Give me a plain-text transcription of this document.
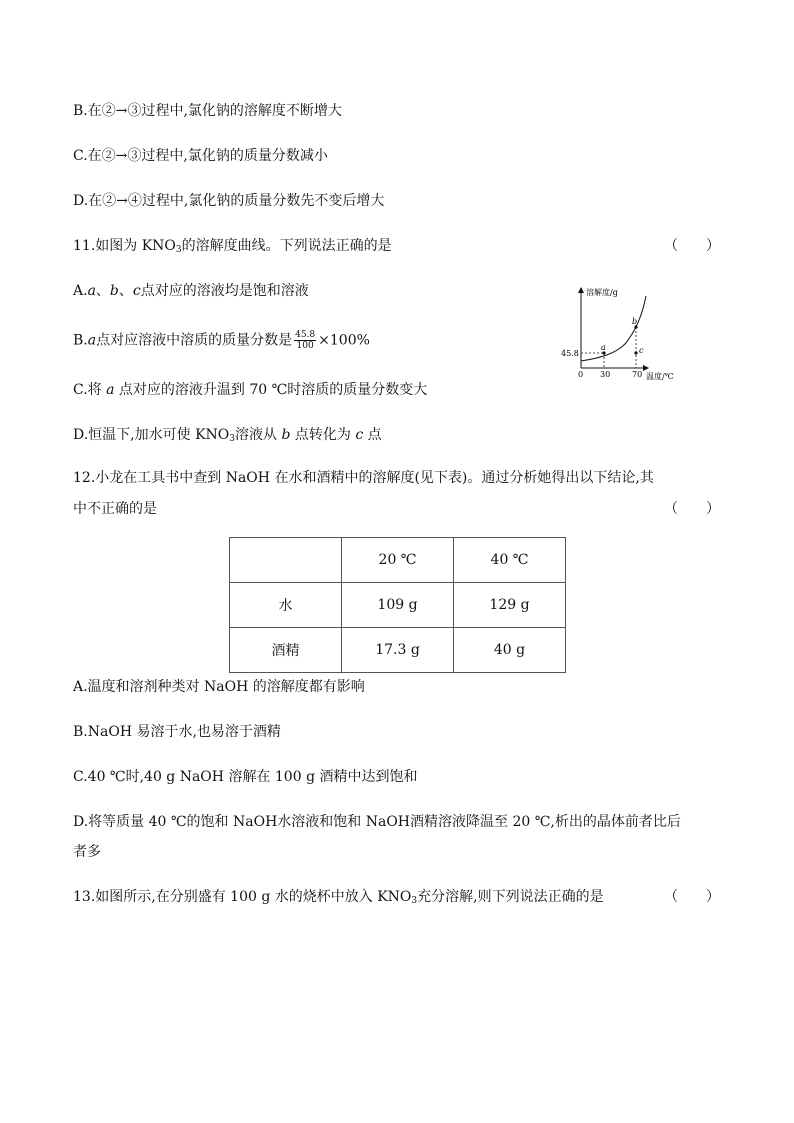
B.在②→③过程中,氯化钠的溶解度不断增大
C.在②→③过程中,氯化钠的质量分数减小
D.在②→④过程中,氯化钠的质量分数先不变后增大
11.如图为 $KNO_3$的溶解度曲线。下列说法正确的是	（　　）
A.a、b、c点对应的溶液均是饱和溶液
B.a点对应溶液中溶质的质量分数是 $\frac{45.8}{100} \times 100\%$
C.将 a 点对应的溶液升温到 70 ℃时溶质的质量分数变大
D.恒温下,加水可使 $KNO_3$溶液从 b 点转化为 c 点
溶解度/g
温度/℃
45.8
0 30	70
a
b
c
12.小龙在工具书中查到 NaOH 在水和酒精中的溶解度(见下表)。通过分析她得出以下结论,其
中不正确的是	（　　）
	20 ℃	40 ℃
水	109 g	129 g
酒精	17.3 g	40 g
A.温度和溶剂种类对 NaOH 的溶解度都有影响
B.NaOH 易溶于水,也易溶于酒精
C.40 ℃时,40 g NaOH 溶解在 100 g 酒精中达到饱和
D.将等质量 40 ℃的饱和 NaOH水溶液和饱和 NaOH酒精溶液降温至 20 ℃,析出的晶体前者比后
者多
13.如图所示,在分别盛有 100 g 水的烧杯中放入 $KNO_3$充分溶解,则下列说法正确的是	（　　）
